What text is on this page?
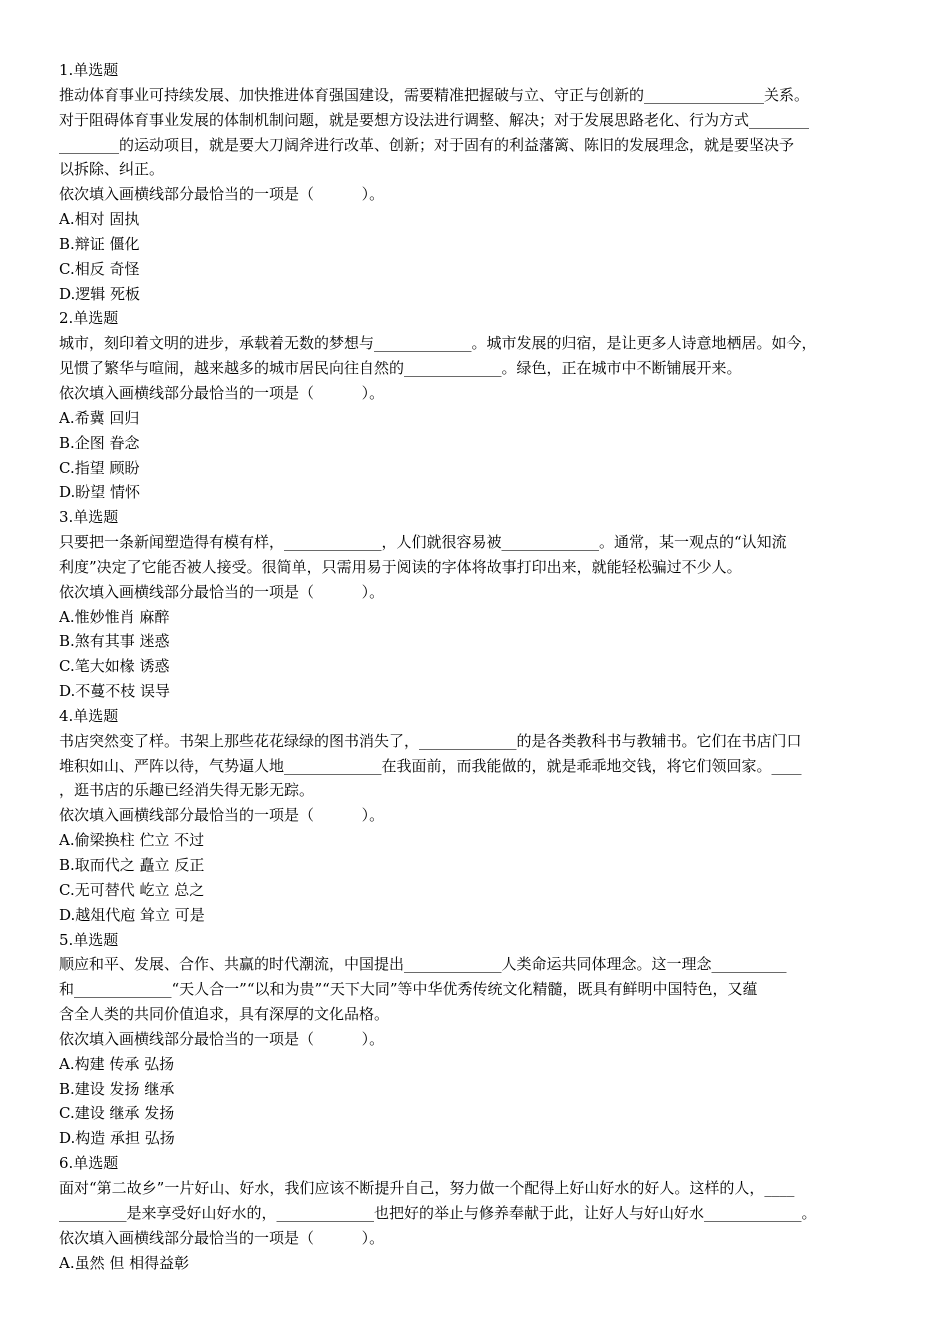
1.单选题
推动体育事业可持续发展、加快推进体育强国建设，需要精准把握破与立、守正与创新的________________关系。
对于阻碍体育事业发展的体制机制问题，就是要想方设法进行调整、解决；对于发展思路老化、行为方式________
________的运动项目，就是要大刀阔斧进行改革、创新；对于固有的利益藩篱、陈旧的发展理念，就是要坚决予
以拆除、纠正。
依次填入画横线部分最恰当的一项是（          ）。
A.相对 固执
B.辩证 僵化
C.相反 奇怪
D.逻辑 死板
2.单选题
城市，刻印着文明的进步，承载着无数的梦想与_____________。城市发展的归宿，是让更多人诗意地栖居。如今，
见惯了繁华与喧闹，越来越多的城市居民向往自然的_____________。绿色，正在城市中不断铺展开来。
依次填入画横线部分最恰当的一项是（          ）。
A.希冀 回归
B.企图 眷念
C.指望 顾盼
D.盼望 情怀
3.单选题
只要把一条新闻塑造得有模有样，_____________，人们就很容易被_____________。通常，某一观点的“认知流
利度”决定了它能否被人接受。很简单，只需用易于阅读的字体将故事打印出来，就能轻松骗过不少人。
依次填入画横线部分最恰当的一项是（          ）。
A.惟妙惟肖 麻醉
B.煞有其事 迷惑
C.笔大如椽 诱惑
D.不蔓不枝 误导
4.单选题
书店突然变了样。书架上那些花花绿绿的图书消失了，_____________的是各类教科书与教辅书。它们在书店门口
堆积如山、严阵以待，气势逼人地_____________在我面前，而我能做的，就是乖乖地交钱，将它们领回家。____
，逛书店的乐趣已经消失得无影无踪。
依次填入画横线部分最恰当的一项是（          ）。
A.偷梁换柱 伫立 不过
B.取而代之 矗立 反正
C.无可替代 屹立 总之
D.越俎代庖 耸立 可是
5.单选题
顺应和平、发展、合作、共赢的时代潮流，中国提出_____________人类命运共同体理念。这一理念__________
和_____________“天人合一”“以和为贵”“天下大同”等中华优秀传统文化精髓，既具有鲜明中国特色，又蕴
含全人类的共同价值追求，具有深厚的文化品格。
依次填入画横线部分最恰当的一项是（          ）。
A.构建 传承 弘扬
B.建设 发扬 继承
C.建设 继承 发扬
D.构造 承担 弘扬
6.单选题
面对“第二故乡”一片好山、好水，我们应该不断提升自己，努力做一个配得上好山好水的好人。这样的人，____
_________是来享受好山好水的，_____________也把好的举止与修养奉献于此，让好人与好山好水_____________。
依次填入画横线部分最恰当的一项是（          ）。
A.虽然 但 相得益彰
